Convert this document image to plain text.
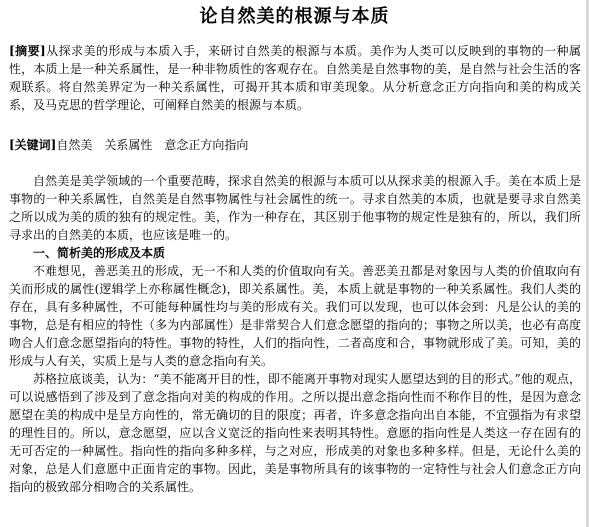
论自然美的根源与本质
[摘要]从探求美的形成与本质入手，来研讨自然美的根源与本质。美作为人类可以反映到的事物的一种属性，本质上是一种关系属性，是一种非物质性的客观存在。自然美是自然事物的美，是自然与社会生活的客观联系。将自然美界定为一种关系属性，可揭开其本质和审美现象。从分析意念正方向指向和美的构成关系，及马克思的哲学理论，可阐释自然美的根源与本质。
[关键词]自然美　关系属性　意念正方向指向

自然美是美学领域的一个重要范畴，探求自然美的根源与本质可以从探求美的根源入手。美在本质上是事物的一种关系属性，自然美是自然事物属性与社会属性的统一。寻求自然美的本质，也就是要寻求自然美之所以成为美的质的独有的规定性。美，作为一种存在，其区别于他事物的规定性是独有的，所以，我们所寻求出的自然美的本质，也应该是唯一的。

一、简析美的形成及本质

不难想见，善恶美丑的形成，无一不和人类的价值取向有关。善恶美丑都是对象因与人类的价值取向有关而形成的属性(逻辑学上亦称属性概念)，即关系属性。美，本质上就是事物的一种关系属性。我们人类的存在，具有多种属性，不可能每种属性均与美的形成有关。我们可以发现，也可以体会到：凡是公认的美的事物，总是有相应的特性（多为内部属性）是非常契合人们意念愿望的指向的；事物之所以美，也必有高度吻合人们意念愿望指向的特性。事物的特性，人们的指向性，二者高度和合，事物就形成了美。可知，美的形成与人有关，实质上是与人类的意念指向有关。

苏格拉底谈美，认为：“美不能离开目的性，即不能离开事物对现实人愿望达到的目的形式。”他的观点，可以说感悟到了涉及到了意念指向对美的构成的作用。之所以提出意念指向性而不称作目的性，是因为意念愿望在美的构成中是呈方向性的，常无确切的目的限度；再者，许多意念指向出自本能，不宜强指为有求望的理性目的。所以，意念愿望，应以含义宽泛的指向性来表明其特性。意愿的指向性是人类这一存在固有的无可否定的一种属性。指向性的指向多种多样，与之对应，形成美的对象也多种多样。但是，无论什么美的对象，总是人们意愿中正面肯定的事物。因此，美是事物所具有的该事物的一定特性与社会人们意念正方向指向的极致部分相吻合的关系属性。
